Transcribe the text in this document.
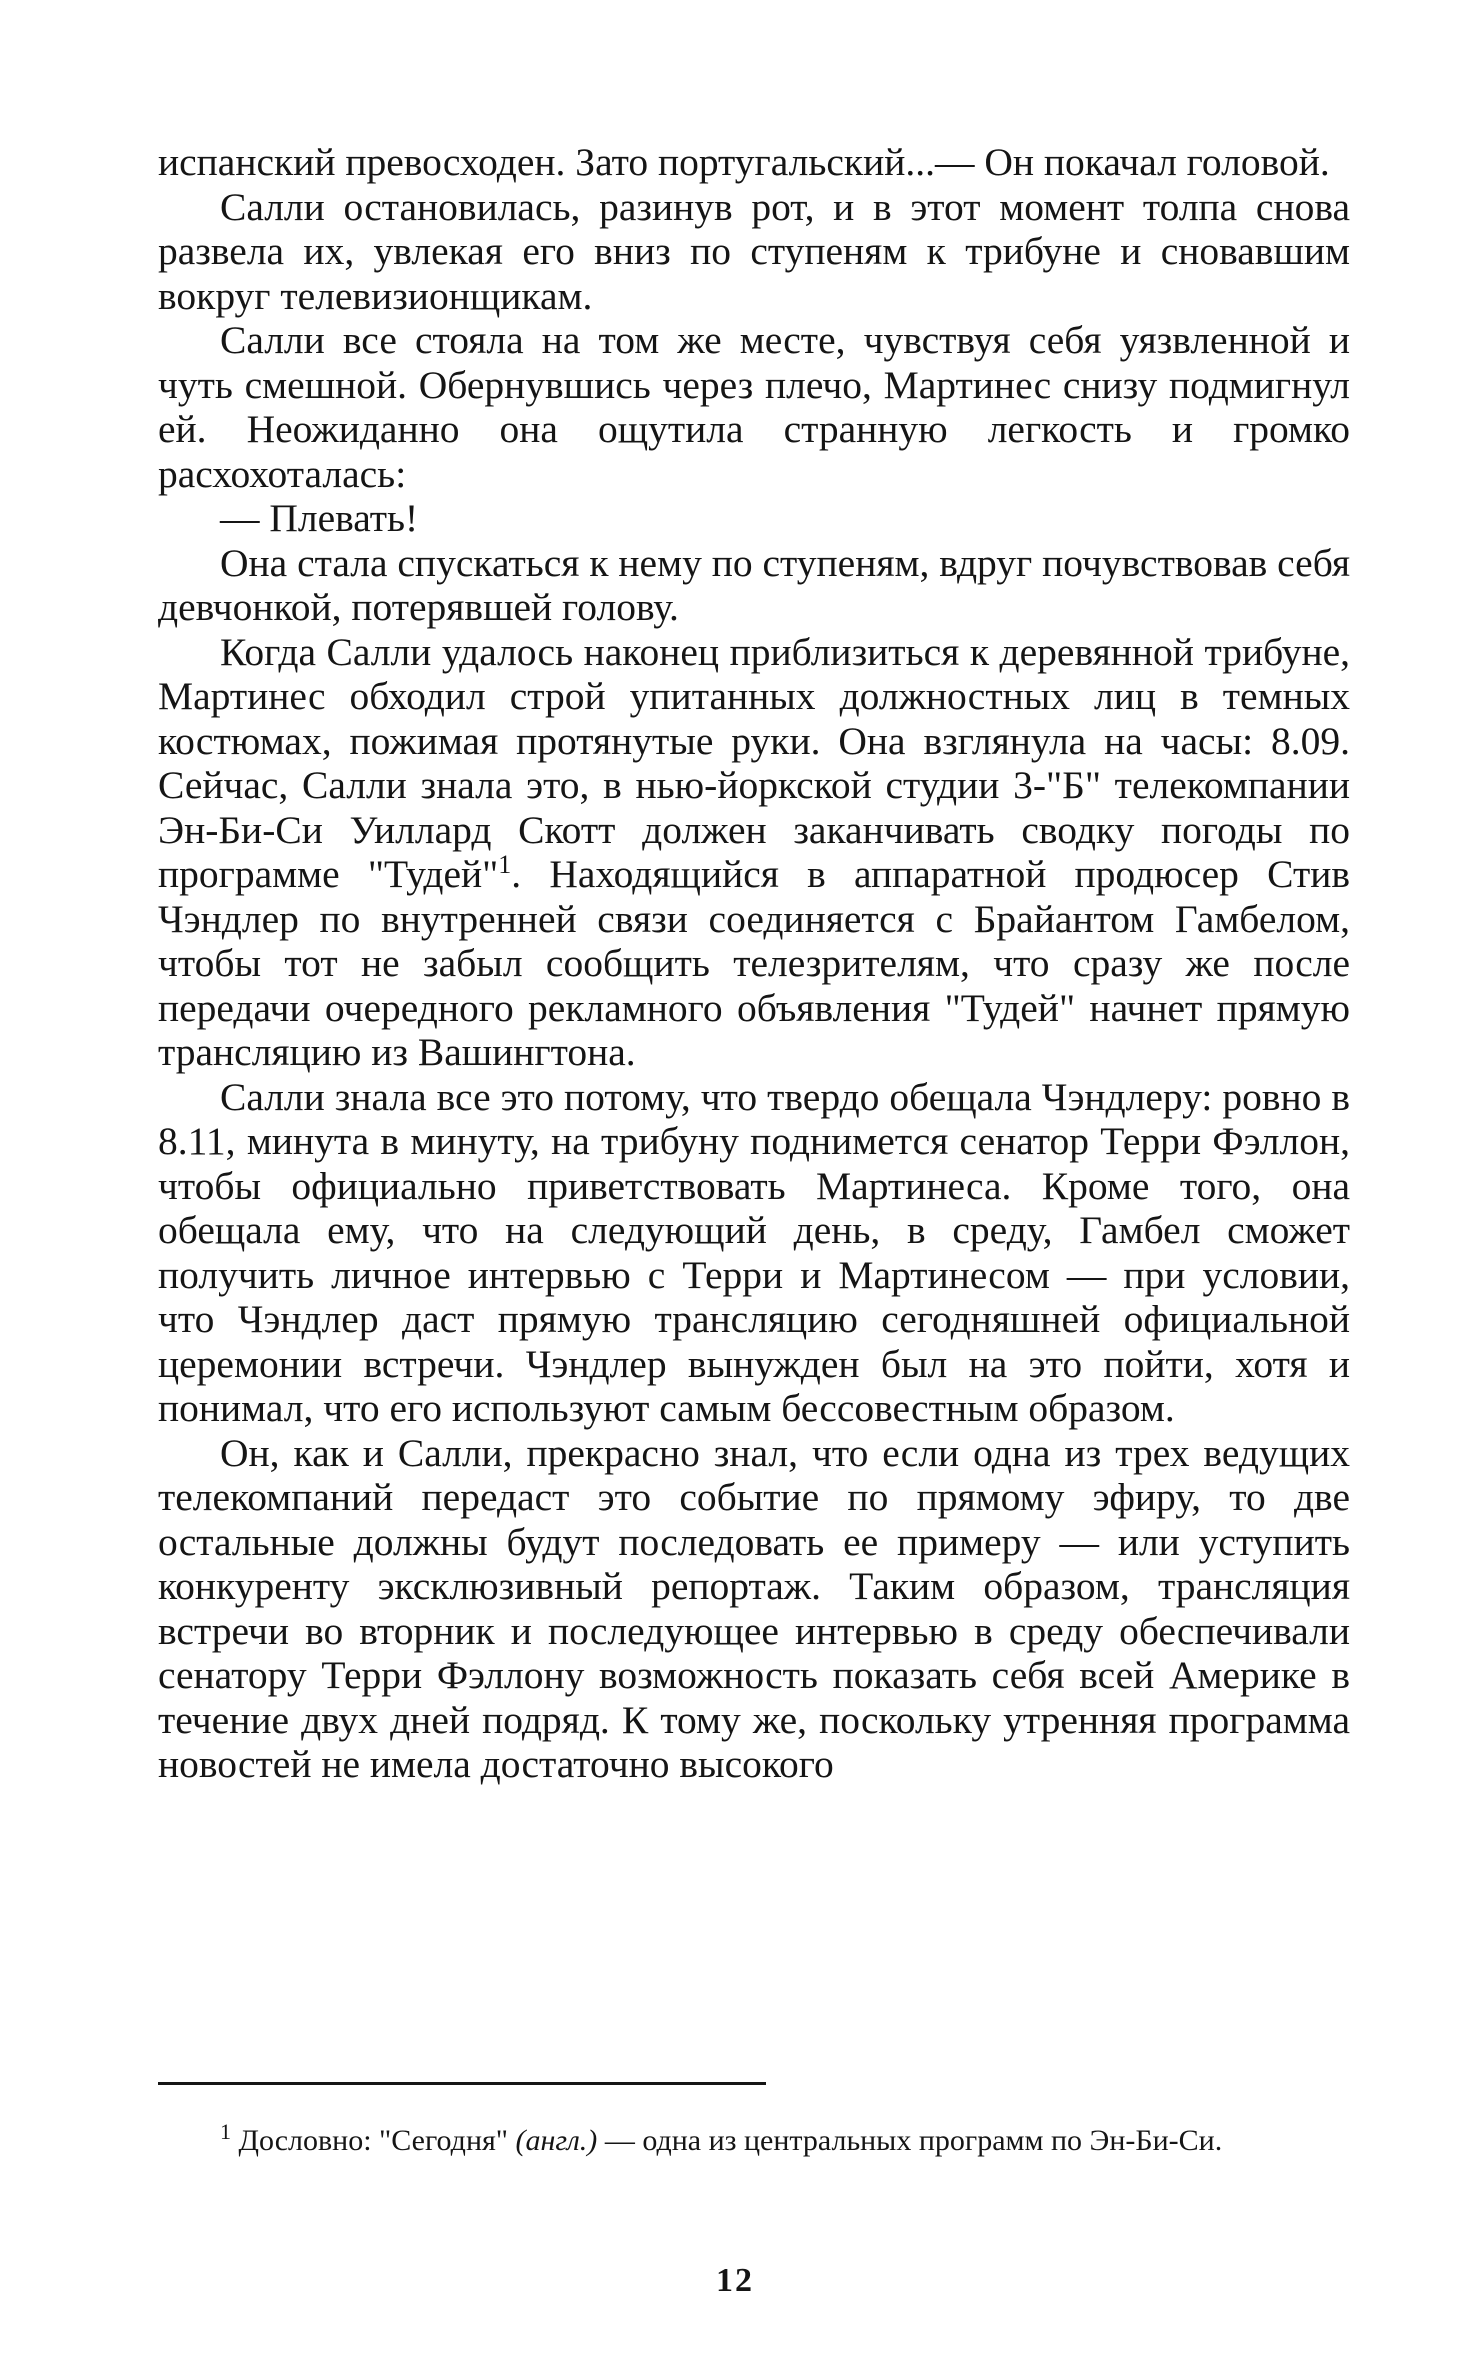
испанский превосходен. Зато португальский...— Он покачал головой.

Салли остановилась, разинув рот, и в этот момент толпа снова развела их, увлекая его вниз по ступеням к трибуне и сновавшим вокруг телевизионщикам.

Салли все стояла на том же месте, чувствуя себя уязвленной и чуть смешной. Обернувшись через плечо, Мартинес снизу подмигнул ей. Неожиданно она ощутила странную легкость и громко расхохоталась:

— Плевать!

Она стала спускаться к нему по ступеням, вдруг почувствовав себя девчонкой, потерявшей голову.

Когда Салли удалось наконец приблизиться к деревянной трибуне, Мартинес обходил строй упитанных должностных лиц в темных костюмах, пожимая протянутые руки. Она взглянула на часы: 8.09. Сейчас, Салли знала это, в нью-йоркской студии 3-"Б" телекомпании Эн-Би-Си Уиллард Скотт должен заканчивать сводку погоды по программе "Тудей"$^1$. Находящийся в аппаратной продюсер Стив Чэндлер по внутренней связи соединяется с Брайантом Гамбелом, чтобы тот не забыл сообщить телезрителям, что сразу же после передачи очередного рекламного объявления "Тудей" начнет прямую трансляцию из Вашингтона.

Салли знала все это потому, что твердо обещала Чэндлеру: ровно в 8.11, минута в минуту, на трибуну поднимется сенатор Терри Фэллон, чтобы официально приветствовать Мартинеса. Кроме того, она обещала ему, что на следующий день, в среду, Гамбел сможет получить личное интервью с Терри и Мартинесом — при условии, что Чэндлер даст прямую трансляцию сегодняшней официальной церемонии встречи. Чэндлер вынужден был на это пойти, хотя и понимал, что его используют самым бессовестным образом.

Он, как и Салли, прекрасно знал, что если одна из трех ведущих телекомпаний передаст это событие по прямому эфиру, то две остальные должны будут последовать ее примеру — или уступить конкуренту эксклюзивный репортаж. Таким образом, трансляция встречи во вторник и последующее интервью в среду обеспечивали сенатору Терри Фэллону возможность показать себя всей Америке в течение двух дней подряд. К тому же, поскольку утренняя программа новостей не имела достаточно высокого

$^1$ Дословно: "Сегодня" (англ.) — одна из центральных программ по Эн-Би-Си.
12
